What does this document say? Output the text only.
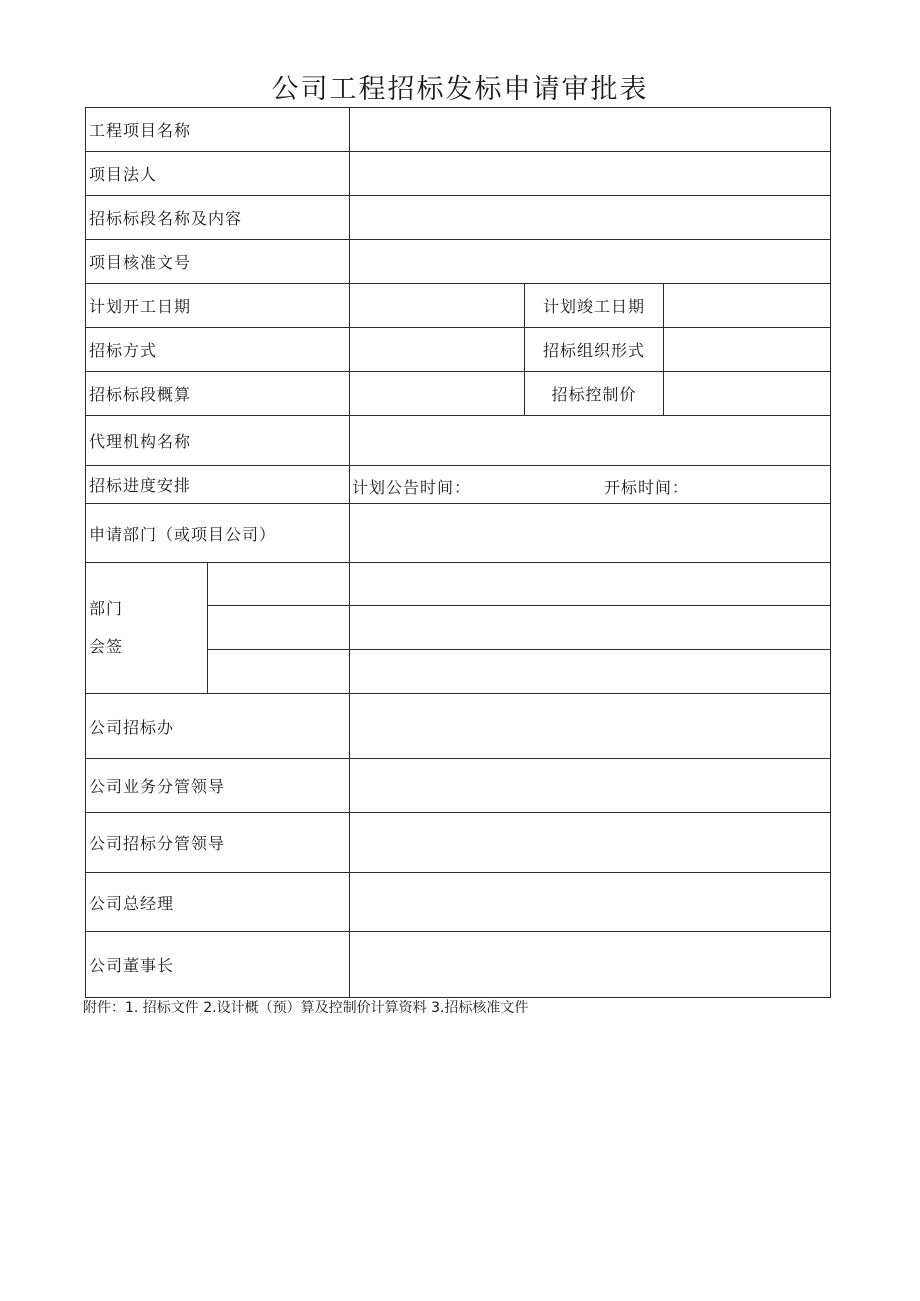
公司工程招标发标申请审批表
工程项目名称				
项目法人				
招标标段名称及内容				
项目核准文号				
计划开工日期			计划竣工日期	
招标方式			招标组织形式	
招标标段概算			招标控制价	
代理机构名称				
招标进度安排		计划公告时间： 开标时间：		

申请部门（或项目公司）				

部门
会签				

公司招标办				
公司业务分管领导				
公司招标分管领导				
公司总经理				
公司董事长				
附件：1. 招标文件 2.设计概（预）算及控制价计算资料 3.招标核准文件
